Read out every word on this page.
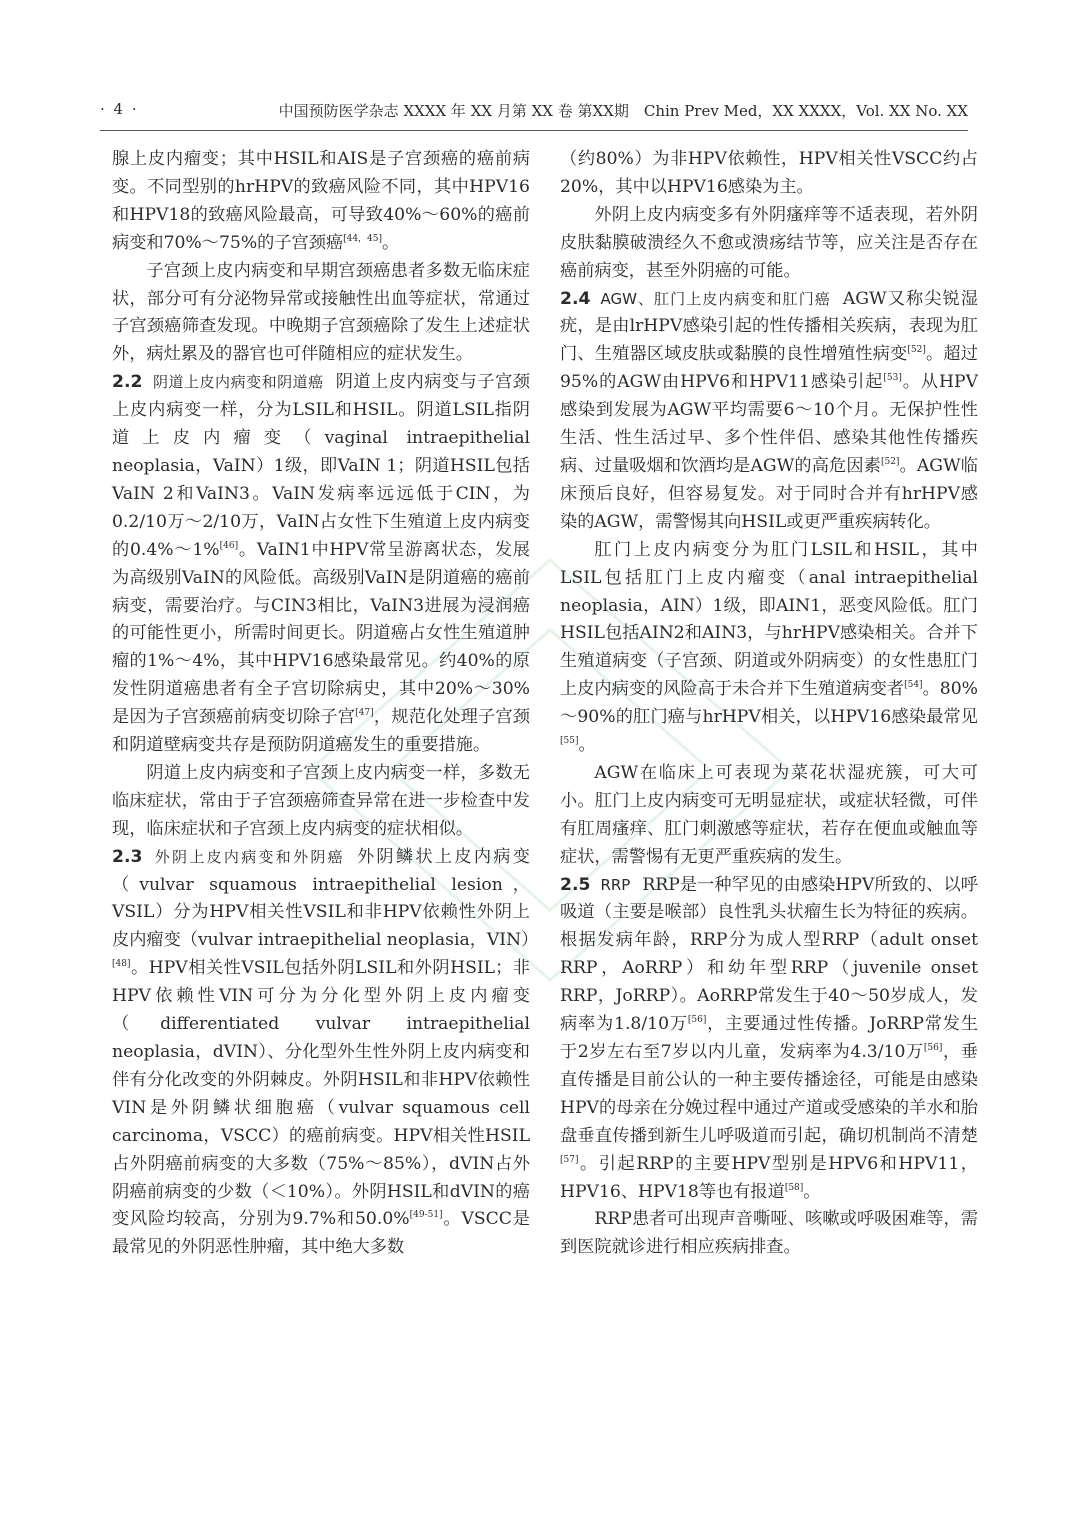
· 4 ·	中国预防医学杂志 XXXX 年 XX 月第 XX 卷 第XX期　Chin Prev Med，XX XXXX，Vol. XX No. XX

腺上皮内瘤变；其中HSIL和AIS是子宫颈癌的癌前病变。不同型别的hrHPV的致癌风险不同，其中HPV16和HPV18的致癌风险最高，可导致40%～60%的癌前病变和70%～75%的子宫颈癌[44，45]。

子宫颈上皮内病变和早期宫颈癌患者多数无临床症状，部分可有分泌物异常或接触性出血等症状，常通过子宫颈癌筛查发现。中晚期子宫颈癌除了发生上述症状外，病灶累及的器官也可伴随相应的症状发生。

2.2 阴道上皮内病变和阴道癌 阴道上皮内病变与子宫颈上皮内病变一样，分为LSIL和HSIL。阴道LSIL指阴道上皮内瘤变（vaginal intraepithelial neoplasia，VaIN）1级，即VaIN 1；阴道HSIL包括VaIN 2和VaIN3。VaIN发病率远远低于CIN，为0.2/10万～2/10万，VaIN占女性下生殖道上皮内病变的0.4%～1%[46]。VaIN1中HPV常呈游离状态，发展为高级别VaIN的风险低。高级别VaIN是阴道癌的癌前病变，需要治疗。与CIN3相比，VaIN3进展为浸润癌的可能性更小，所需时间更长。阴道癌占女性生殖道肿瘤的1%～4%，其中HPV16感染最常见。约40%的原发性阴道癌患者有全子宫切除病史，其中20%～30%是因为子宫颈癌前病变切除子宫[47]，规范化处理子宫颈和阴道壁病变共存是预防阴道癌发生的重要措施。

阴道上皮内病变和子宫颈上皮内病变一样，多数无临床症状，常由于子宫颈癌筛查异常在进一步检查中发现，临床症状和子宫颈上皮内病变的症状相似。

2.3 外阴上皮内病变和外阴癌 外阴鳞状上皮内病变（vulvar squamous intraepithelial lesion，VSIL）分为HPV相关性VSIL和非HPV依赖性外阴上皮内瘤变（vulvar intraepithelial neoplasia，VIN）[48]。HPV相关性VSIL包括外阴LSIL和外阴HSIL；非HPV依赖性VIN可分为分化型外阴上皮内瘤变（differentiated vulvar intraepithelial neoplasia，dVIN）、分化型外生性外阴上皮内病变和伴有分化改变的外阴棘皮。外阴HSIL和非HPV依赖性VIN是外阴鳞状细胞癌（vulvar squamous cell carcinoma，VSCC）的癌前病变。HPV相关性HSIL占外阴癌前病变的大多数（75%～85%），dVIN占外阴癌前病变的少数（＜10%）。外阴HSIL和dVIN的癌变风险均较高，分别为9.7%和50.0%[49-51]。VSCC是最常见的外阴恶性肿瘤，其中绝大多数

（约80%）为非HPV依赖性，HPV相关性VSCC约占20%，其中以HPV16感染为主。

外阴上皮内病变多有外阴瘙痒等不适表现，若外阴皮肤黏膜破溃经久不愈或溃疡结节等，应关注是否存在癌前病变，甚至外阴癌的可能。

2.4 AGW、肛门上皮内病变和肛门癌 AGW又称尖锐湿疣，是由lrHPV感染引起的性传播相关疾病，表现为肛门、生殖器区域皮肤或黏膜的良性增殖性病变[52]。超过95%的AGW由HPV6和HPV11感染引起[53]。从HPV感染到发展为AGW平均需要6～10个月。无保护性性生活、性生活过早、多个性伴侣、感染其他性传播疾病、过量吸烟和饮酒均是AGW的高危因素[52]。AGW临床预后良好，但容易复发。对于同时合并有hrHPV感染的AGW，需警惕其向HSIL或更严重疾病转化。

肛门上皮内病变分为肛门LSIL和HSIL，其中LSIL包括肛门上皮内瘤变（anal intraepithelial neoplasia，AIN）1级，即AIN1，恶变风险低。肛门HSIL包括AIN2和AIN3，与hrHPV感染相关。合并下生殖道病变（子宫颈、阴道或外阴病变）的女性患肛门上皮内病变的风险高于未合并下生殖道病变者[54]。80%～90%的肛门癌与hrHPV相关，以HPV16感染最常见[55]。

AGW在临床上可表现为菜花状湿疣簇，可大可小。肛门上皮内病变可无明显症状，或症状轻微，可伴有肛周瘙痒、肛门刺激感等症状，若存在便血或触血等症状，需警惕有无更严重疾病的发生。

2.5 RRP RRP是一种罕见的由感染HPV所致的、以呼吸道（主要是喉部）良性乳头状瘤生长为特征的疾病。根据发病年龄，RRP分为成人型RRP（adult onset RRP，AoRRP）和幼年型RRP（juvenile onset RRP，JoRRP）。AoRRP常发生于40～50岁成人，发病率为1.8/10万[56]，主要通过性传播。JoRRP常发生于2岁左右至7岁以内儿童，发病率为4.3/10万[56]，垂直传播是目前公认的一种主要传播途径，可能是由感染HPV的母亲在分娩过程中通过产道或受感染的羊水和胎盘垂直传播到新生儿呼吸道而引起，确切机制尚不清楚[57]。引起RRP的主要HPV型别是HPV6和HPV11，HPV16、HPV18等也有报道[58]。

RRP患者可出现声音嘶哑、咳嗽或呼吸困难等，需到医院就诊进行相应疾病排查。
